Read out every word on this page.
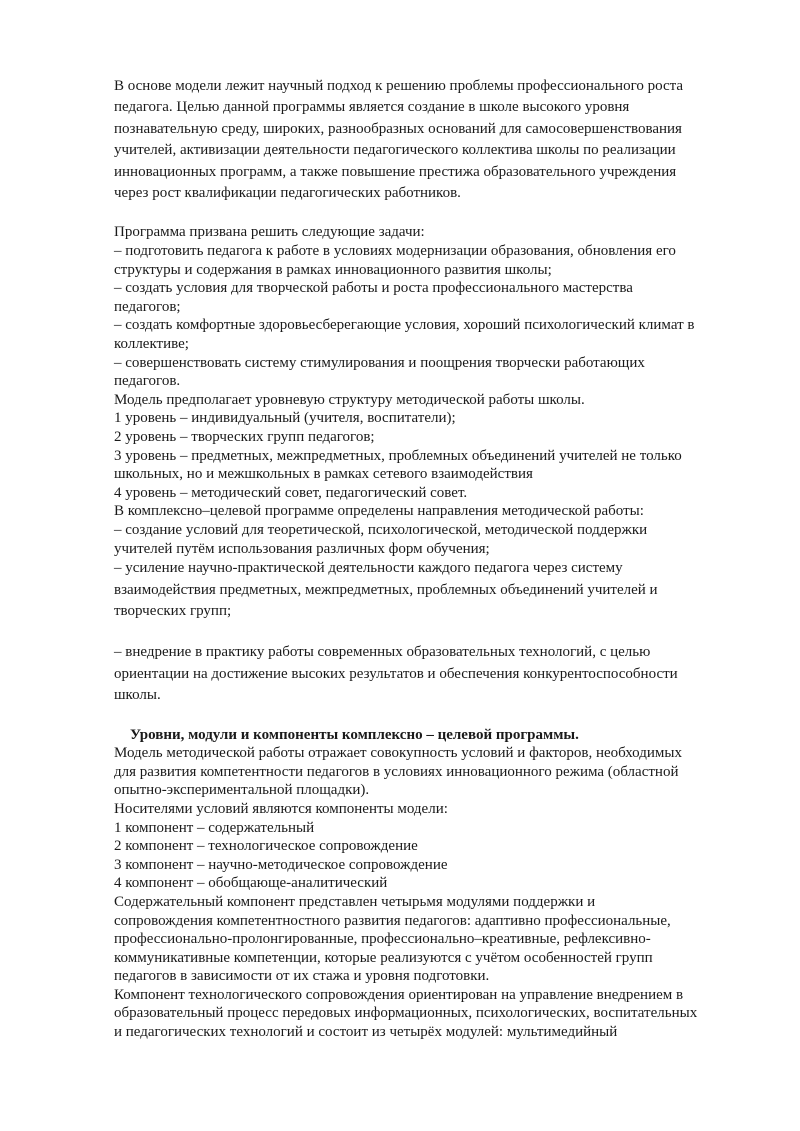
В основе модели лежит научный подход к решению проблемы профессионального роста
педагога. Целью данной программы является создание в школе высокого уровня
познавательную среду, широких, разнообразных оснований для самосовершенствования
учителей, активизации деятельности педагогического коллектива школы по реализации
инновационных программ, а также повышение престижа образовательного учреждения
через рост квалификации педагогических работников.
Программа призвана решить следующие задачи:
– подготовить педагога к работе в условиях модернизации образования, обновления его
структуры и содержания в рамках инновационного развития школы;
– создать условия для творческой работы и роста профессионального мастерства
педагогов;
– создать комфортные здоровьесберегающие условия, хороший психологический климат в
коллективе;
– совершенствовать систему стимулирования и поощрения творчески работающих
педагогов.
Модель предполагает уровневую структуру методической работы школы.
1 уровень – индивидуальный (учителя, воспитатели);
2 уровень – творческих групп педагогов;
3 уровень – предметных, межпредметных, проблемных объединений учителей не только
школьных, но и межшкольных в рамках сетевого взаимодействия
4 уровень – методический совет, педагогический совет.
В комплексно–целевой программе определены направления методической работы:
– создание условий для теоретической, психологической, методической поддержки
учителей путём использования различных форм обучения;
– усиление научно-практической деятельности каждого педагога через систему
взаимодействия предметных, межпредметных, проблемных объединений учителей и
творческих групп;
– внедрение в практику работы современных образовательных технологий, с целью
ориентации на достижение высоких результатов и обеспечения конкурентоспособности
школы.
Уровни, модули и компоненты комплексно – целевой программы.
Модель методической работы отражает совокупность условий и факторов, необходимых
для развития компетентности педагогов в условиях инновационного режима (областной
опытно-экспериментальной площадки).
Носителями условий являются компоненты модели:
1 компонент – содержательный
2 компонент – технологическое сопровождение
3 компонент – научно-методическое сопровождение
4 компонент – обобщающе-аналитический
Содержательный компонент представлен четырьмя модулями поддержки и
сопровождения компетентностного развития педагогов: адаптивно профессиональные,
профессионально-пролонгированные, профессионально–креативные, рефлексивно-
коммуникативные компетенции, которые реализуются с учётом особенностей групп
педагогов в зависимости от их стажа и уровня подготовки.
Компонент технологического сопровождения ориентирован на управление внедрением в
образовательный процесс передовых информационных, психологических, воспитательных
и педагогических технологий и состоит из четырёх модулей: мультимедийный
